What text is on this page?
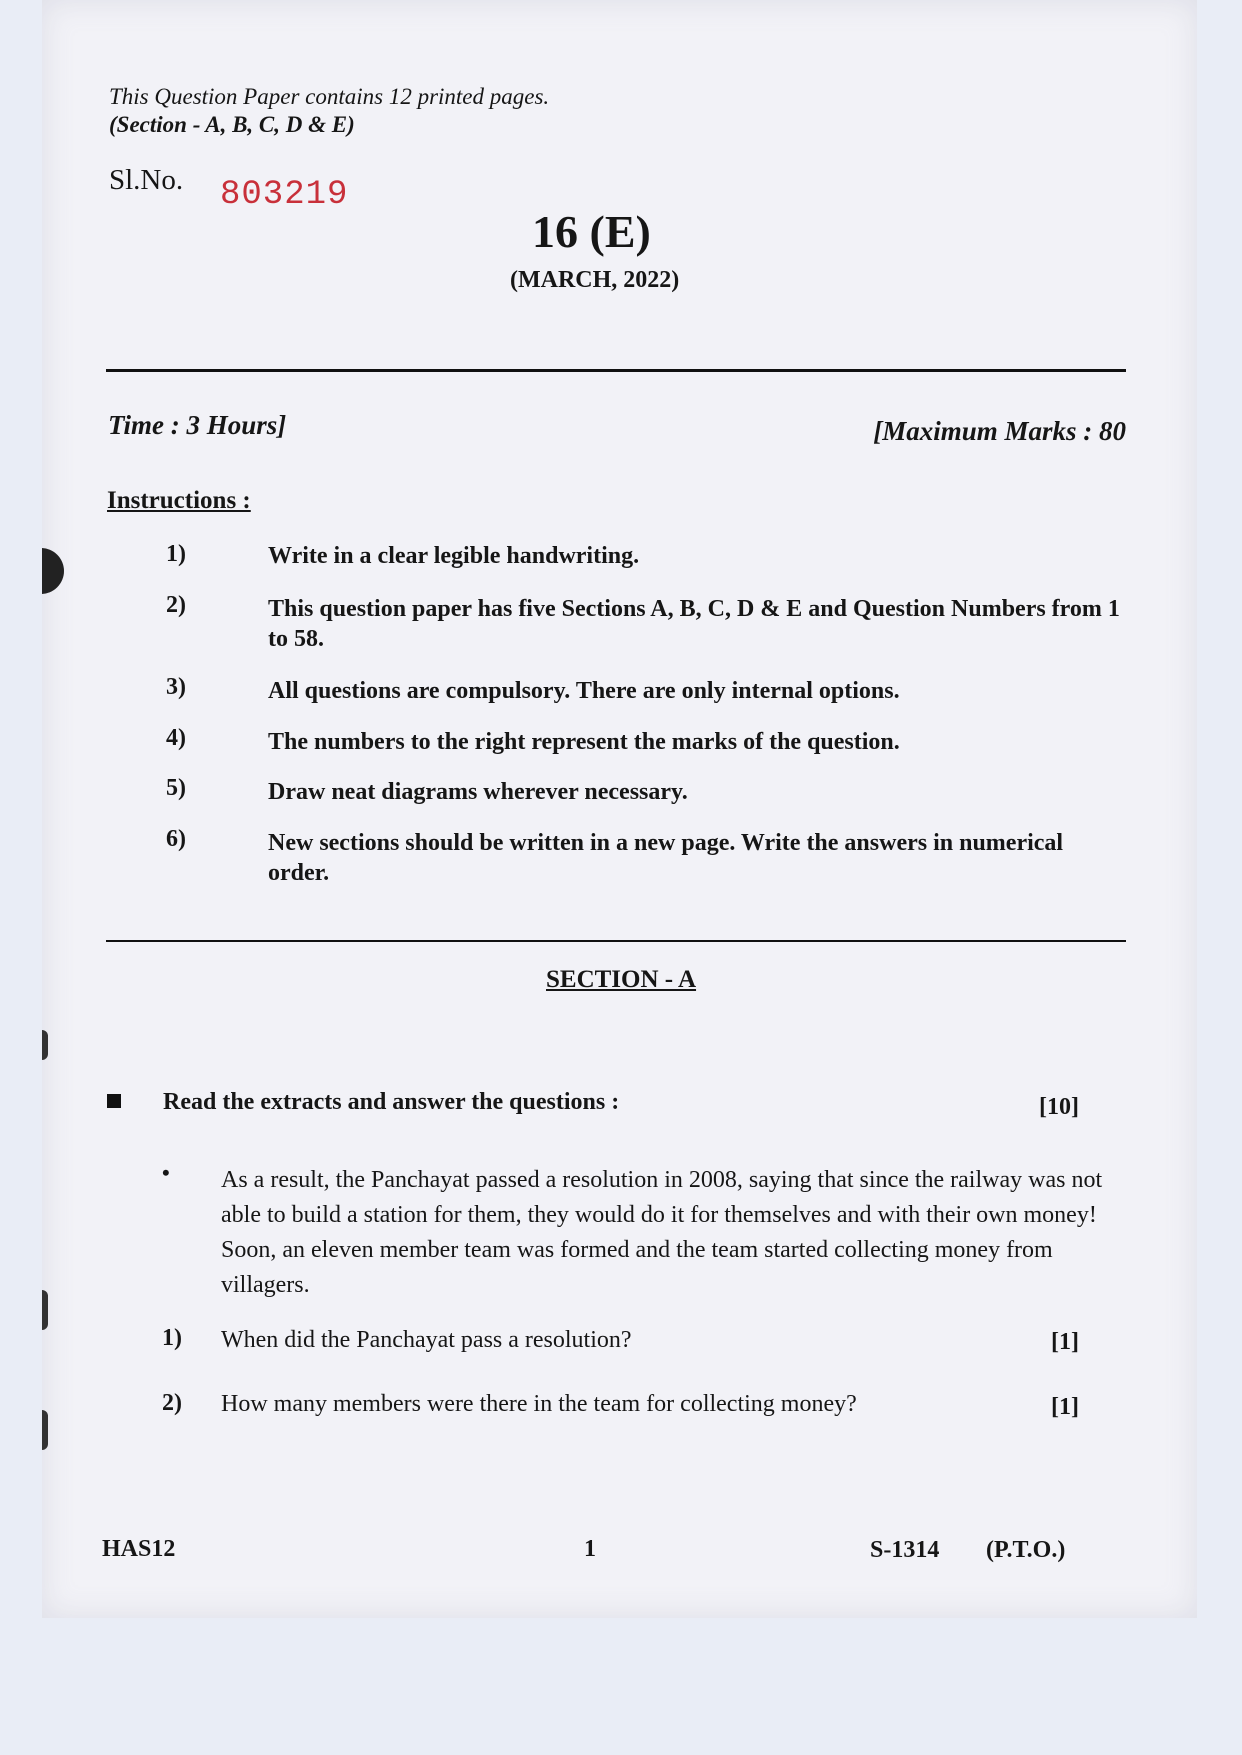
This Question Paper contains 12 printed pages.
(Section - A, B, C, D & E)
Sl.No. 803219
16 (E)
(MARCH, 2022)
Time : 3 Hours]	[Maximum Marks : 80
Instructions :
1)	Write in a clear legible handwriting.
2)	This question paper has five Sections A, B, C, D & E and Question Numbers from 1 to 58.
3)	All questions are compulsory. There are only internal options.
4)	The numbers to the right represent the marks of the question.
5)	Draw neat diagrams wherever necessary.
6)	New sections should be written in a new page. Write the answers in numerical order.
SECTION - A
Read the extracts and answer the questions :	[10]
• As a result, the Panchayat passed a resolution in 2008, saying that since the railway was not able to build a station for them, they would do it for themselves and with their own money! Soon, an eleven member team was formed and the team started collecting money from villagers.
1) When did the Panchayat pass a resolution?	[1]
2) How many members were there in the team for collecting money?	[1]
HAS12	1	S-1314 (P.T.O.)
